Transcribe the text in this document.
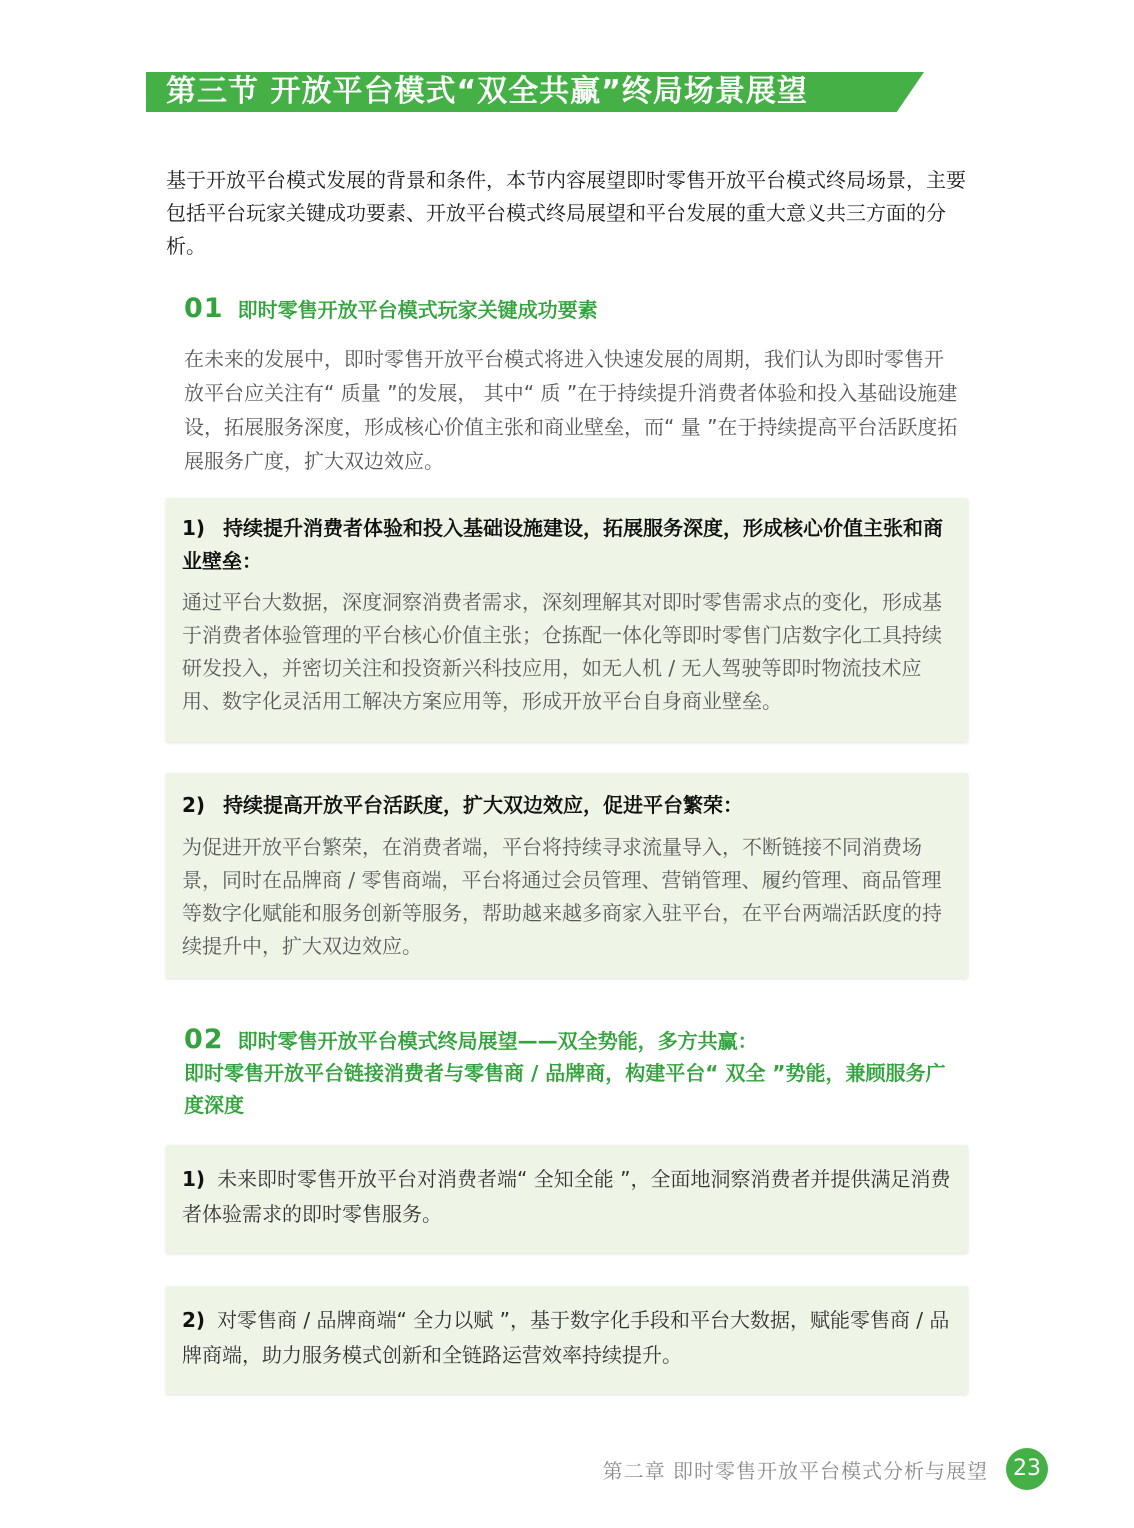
第三节 开放平台模式“双全共赢”终局场景展望
基于开放平台模式发展的背景和条件，本节内容展望即时零售开放平台模式终局场景，主要包括平台玩家关键成功要素、开放平台模式终局展望和平台发展的重大意义共三方面的分析。
01 即时零售开放平台模式玩家关键成功要素
在未来的发展中，即时零售开放平台模式将进入快速发展的周期，我们认为即时零售开放平台应关注有“ 质量 ”的发展， 其中“ 质 ”在于持续提升消费者体验和投入基础设施建设，拓展服务深度，形成核心价值主张和商业壁垒，而“ 量 ”在于持续提高平台活跃度拓展服务广度，扩大双边效应。
1) 持续提升消费者体验和投入基础设施建设，拓展服务深度，形成核心价值主张和商业壁垒：
通过平台大数据，深度洞察消费者需求，深刻理解其对即时零售需求点的变化，形成基于消费者体验管理的平台核心价值主张；仓拣配一体化等即时零售门店数字化工具持续研发投入，并密切关注和投资新兴科技应用，如无人机 / 无人驾驶等即时物流技术应用、数字化灵活用工解决方案应用等，形成开放平台自身商业壁垒。
2) 持续提高开放平台活跃度，扩大双边效应，促进平台繁荣：
为促进开放平台繁荣，在消费者端，平台将持续寻求流量导入，不断链接不同消费场景，同时在品牌商 / 零售商端，平台将通过会员管理、营销管理、履约管理、商品管理等数字化赋能和服务创新等服务，帮助越来越多商家入驻平台，在平台两端活跃度的持续提升中，扩大双边效应。
02 即时零售开放平台模式终局展望——双全势能，多方共赢：
即时零售开放平台链接消费者与零售商 / 品牌商，构建平台“ 双全 ”势能，兼顾服务广度深度
1) 未来即时零售开放平台对消费者端“ 全知全能 ”，全面地洞察消费者并提供满足消费者体验需求的即时零售服务。
2) 对零售商 / 品牌商端“ 全力以赋 ”，基于数字化手段和平台大数据，赋能零售商 / 品牌商端，助力服务模式创新和全链路运营效率持续提升。
第二章 即时零售开放平台模式分析与展望	23
